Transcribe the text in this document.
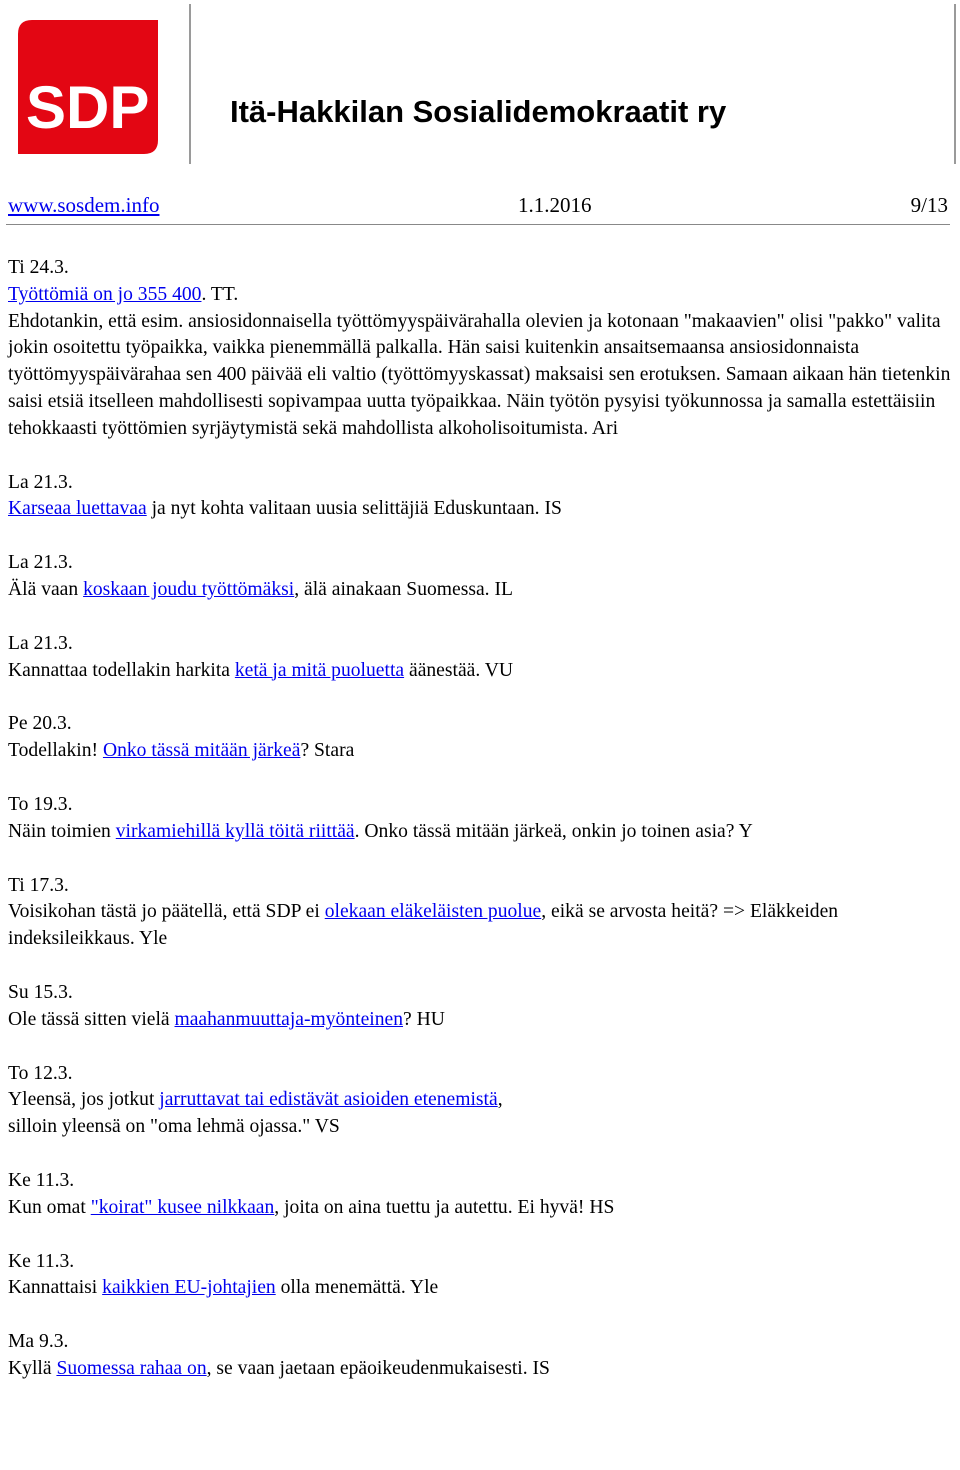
SDP	Itä-Hakkilan Sosialidemokraatit ry
www.sosdem.info	1.1.2016	9/13

Ti 24.3.

Työttömiä on jo 355 400. TT.

Ehdotankin, että esim. ansiosidonnaisella työttömyyspäivärahalla olevien ja kotonaan "makaavien" olisi "pakko" valita jokin osoitettu työpaikka, vaikka pienemmällä palkalla. Hän saisi kuitenkin ansaitsemaansa ansiosidonnaista työttömyyspäivärahaa sen 400 päivää eli valtio (työttömyyskassat) maksaisi sen erotuksen. Samaan aikaan hän tietenkin saisi etsiä itselleen mahdollisesti sopivampaa uutta työpaikkaa. Näin työtön pysyisi työkunnossa ja samalla estettäisiin tehokkaasti työttömien syrjäytymistä sekä mahdollista alkoholisoitumista. Ari

La 21.3.

Karseaa luettavaa ja nyt kohta valitaan uusia selittäjiä Eduskuntaan. IS

La 21.3.

Älä vaan koskaan joudu työttömäksi, älä ainakaan Suomessa. IL

La 21.3.

Kannattaa todellakin harkita ketä ja mitä puoluetta äänestää. VU

Pe 20.3.

Todellakin! Onko tässä mitään järkeä? Stara

To 19.3.

Näin toimien virkamiehillä kyllä töitä riittää. Onko tässä mitään järkeä, onkin jo toinen asia? Y

Ti 17.3.

Voisikohan tästä jo päätellä, että SDP ei olekaan eläkeläisten puolue, eikä se arvosta heitä? => Eläkkeiden indeksileikkaus. Yle

Su 15.3.

Ole tässä sitten vielä maahanmuuttaja-myönteinen? HU

To 12.3.

Yleensä, jos jotkut jarruttavat tai edistävät asioiden etenemistä,

silloin yleensä on "oma lehmä ojassa." VS

Ke 11.3.

Kun omat "koirat" kusee nilkkaan, joita on aina tuettu ja autettu. Ei hyvä! HS

Ke 11.3.

Kannattaisi kaikkien EU-johtajien olla menemättä. Yle

Ma 9.3.

Kyllä Suomessa rahaa on, se vaan jaetaan epäoikeudenmukaisesti. IS
